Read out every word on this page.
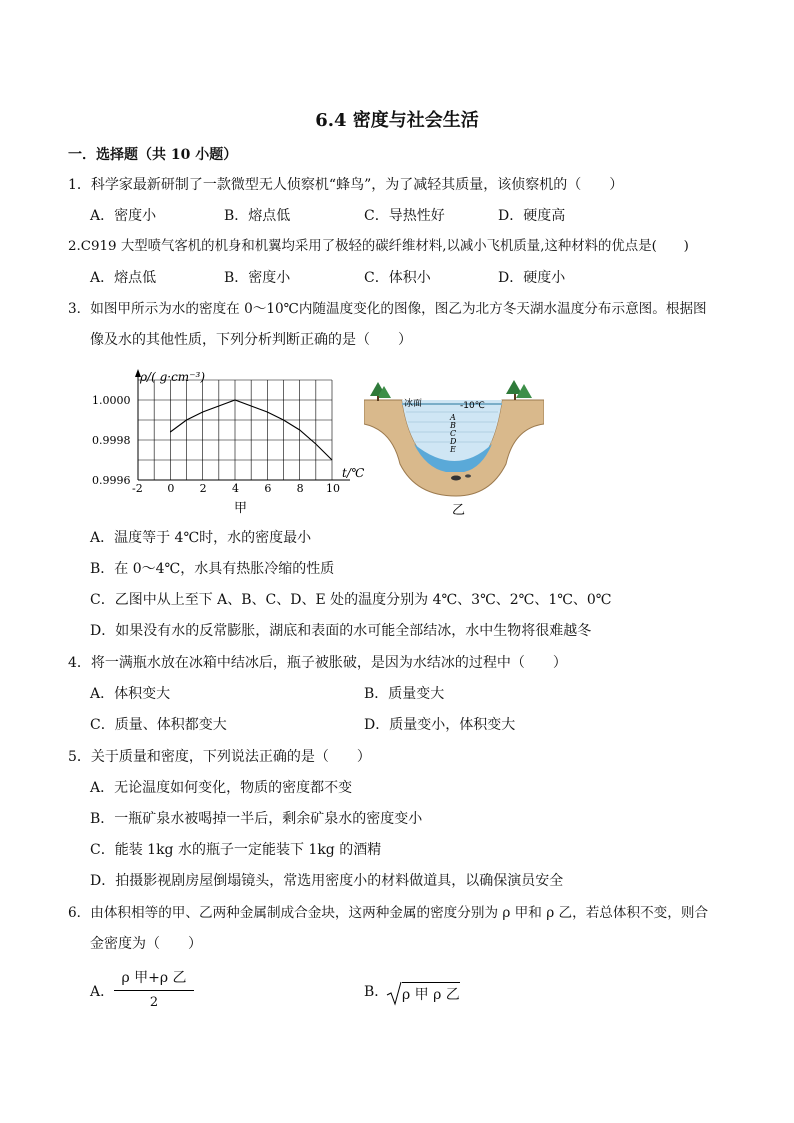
6.4 密度与社会生活
一．选择题（共 10 小题）
1．科学家最新研制了一款微型无人侦察机“蜂鸟”，为了减轻其质量，该侦察机的（　　）
A．密度小	B．熔点低	C．导热性好	D．硬度高
2.C919 大型喷气客机的机身和机翼均采用了极轻的碳纤维材料,以减小飞机质量,这种材料的优点是(　　)
A．熔点低	B．密度小	C．体积小	D．硬度小
3．如图甲所示为水的密度在 0～10℃内随温度变化的图像，图乙为北方冬天湖水温度分布示意图。根据图
像及水的其他性质，下列分析判断正确的是（　　）
ρ/( g·cm⁻³)
t/℃
-2 0 2 4 6 8 10
0.9996
0.9998
1.0000
甲
冰面	-10℃
A
B
C
D
E
乙
A．温度等于 4℃时，水的密度最小
B．在 0～4℃，水具有热胀冷缩的性质
C．乙图中从上至下 A、B、C、D、E 处的温度分别为 4℃、3℃、2℃、1℃、0℃
D．如果没有水的反常膨胀，湖底和表面的水可能全部结冰，水中生物将很难越冬
4．将一满瓶水放在冰箱中结冰后，瓶子被胀破，是因为水结冰的过程中（　　）
A．体积变大	B．质量变大
C．质量、体积都变大	D．质量变小，体积变大
5．关于质量和密度，下列说法正确的是（　　）
A．无论温度如何变化，物质的密度都不变
B．一瓶矿泉水被喝掉一半后，剩余矿泉水的密度变小
C．能装 1kg 水的瓶子一定能装下 1kg 的酒精
D．拍摄影视剧房屋倒塌镜头，常选用密度小的材料做道具，以确保演员安全
6．由体积相等的甲、乙两种金属制成合金块，这两种金属的密度分别为 ρ 甲和 ρ 乙，若总体积不变，则合
金密度为（　　）
A．
ρ 甲+ρ 乙
2
B． ρ 甲 ρ 乙
